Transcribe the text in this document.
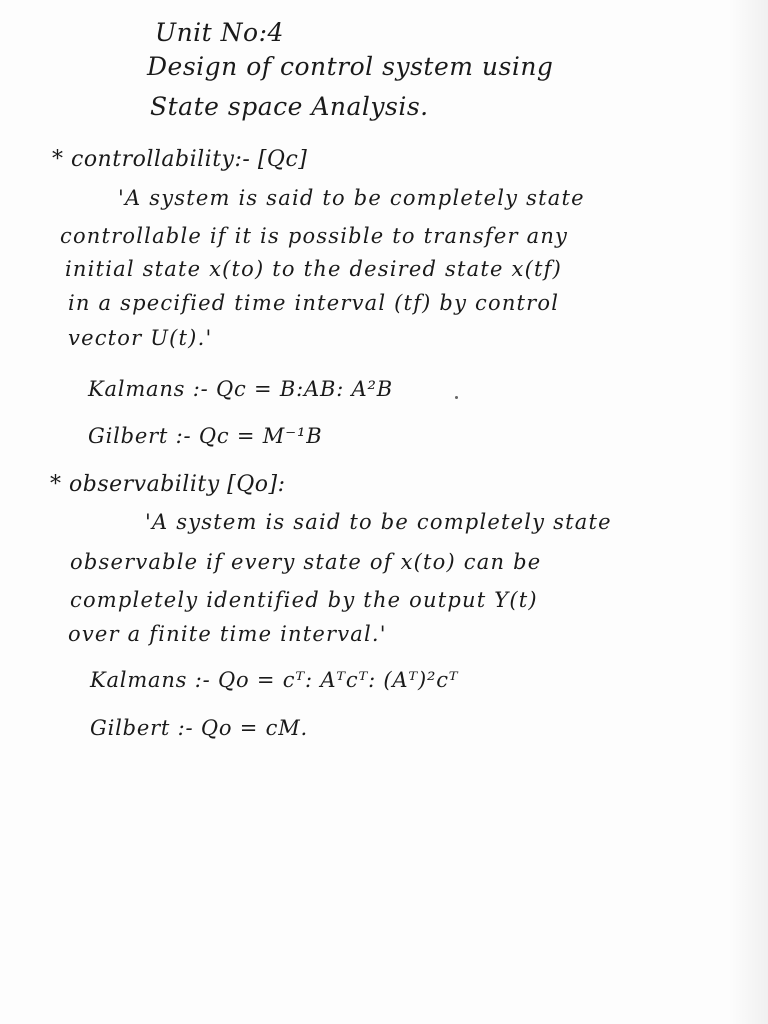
Unit No:4
Design of control system using
State space Analysis.
* controllability:- [Qc]
'A system is said to be completely state
controllable if it is possible to transfer any
initial state x(to) to the desired state x(tf)
in a specified time interval (tf) by control
vector U(t).'
Kalmans :- Qc = B:AB: A²B
Gilbert :- Qc = M⁻¹B
* observability [Qo]:
'A system is said to be completely state
observable if every state of x(to) can be
completely identified by the output Y(t)
over a finite time interval.'
Kalmans :- Qo = cᵀ: Aᵀcᵀ: (Aᵀ)²cᵀ
Gilbert :- Qo = cM.
